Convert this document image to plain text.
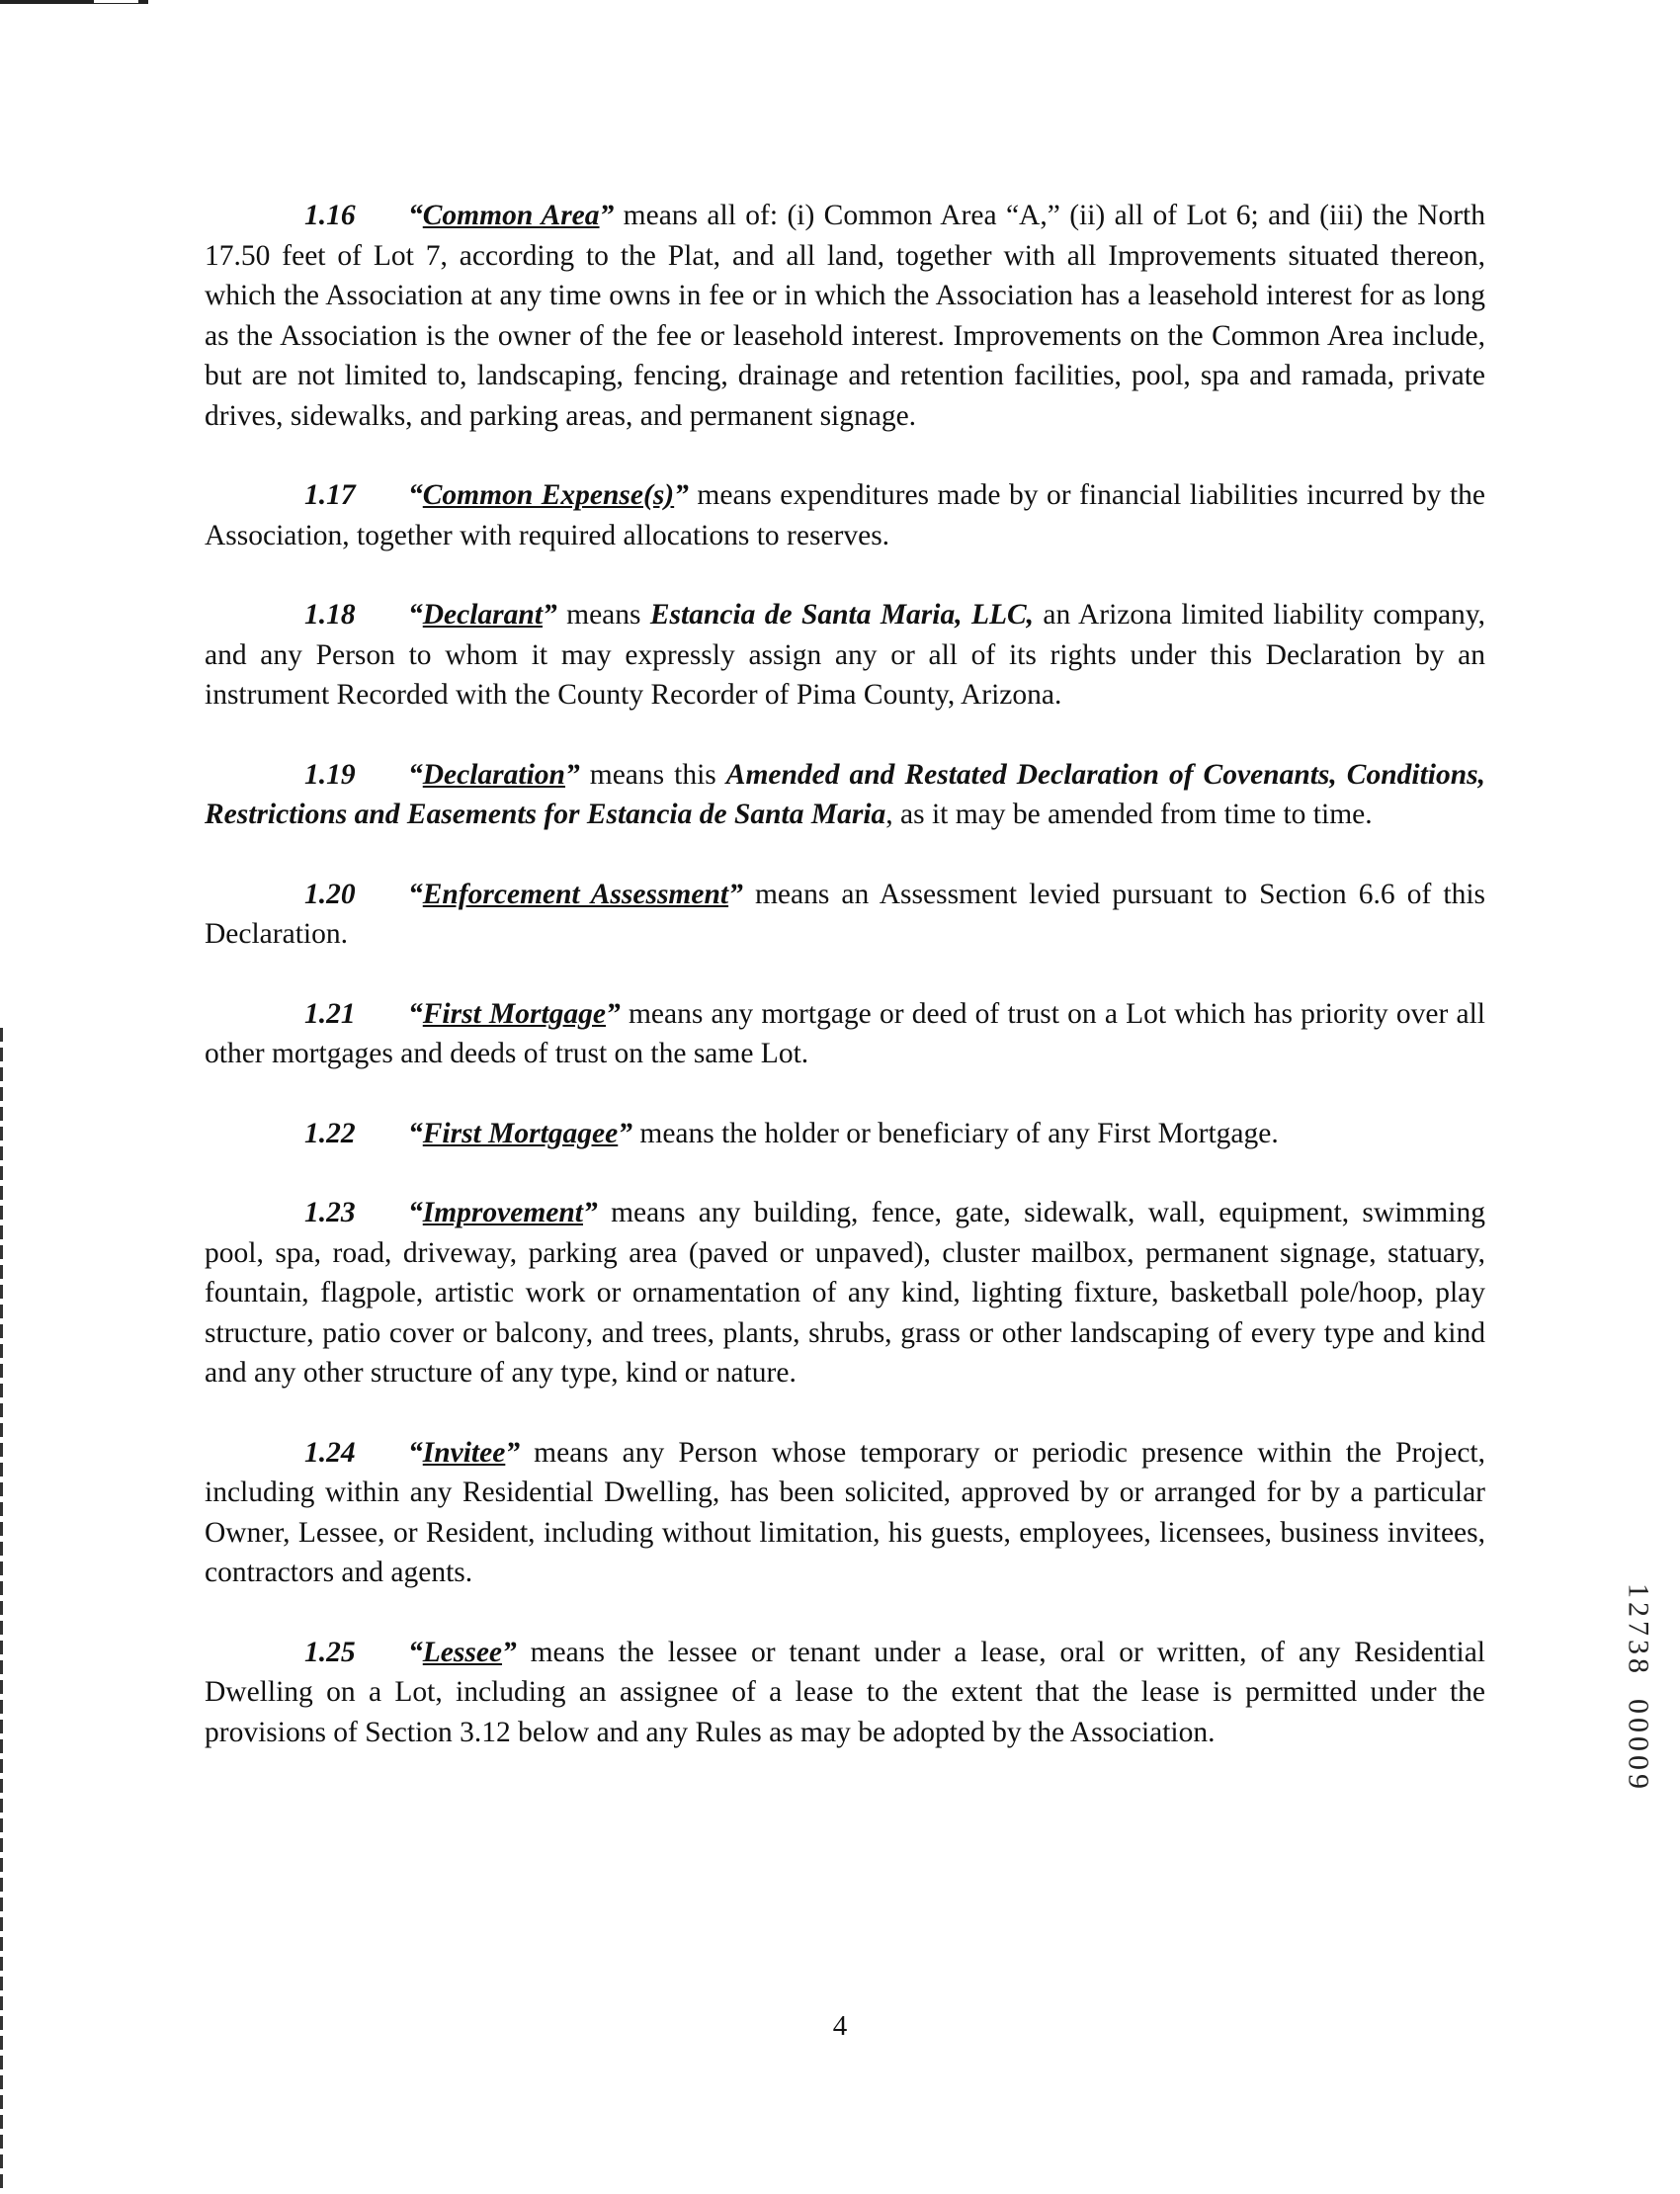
1.16 “Common Area” means all of: (i) Common Area “A,” (ii) all of Lot 6; and (iii) the North 17.50 feet of Lot 7, according to the Plat, and all land, together with all Improvements situated thereon, which the Association at any time owns in fee or in which the Association has a leasehold interest for as long as the Association is the owner of the fee or leasehold interest. Improvements on the Common Area include, but are not limited to, landscaping, fencing, drainage and retention facilities, pool, spa and ramada, private drives, sidewalks, and parking areas, and permanent signage.

1.17 “Common Expense(s)” means expenditures made by or financial liabilities incurred by the Association, together with required allocations to reserves.

1.18 “Declarant” means Estancia de Santa Maria, LLC, an Arizona limited liability company, and any Person to whom it may expressly assign any or all of its rights under this Declaration by an instrument Recorded with the County Recorder of Pima County, Arizona.

1.19 “Declaration” means this Amended and Restated Declaration of Covenants, Conditions, Restrictions and Easements for Estancia de Santa Maria, as it may be amended from time to time.

1.20 “Enforcement Assessment” means an Assessment levied pursuant to Section 6.6 of this Declaration.

1.21 “First Mortgage” means any mortgage or deed of trust on a Lot which has priority over all other mortgages and deeds of trust on the same Lot.

1.22 “First Mortgagee” means the holder or beneficiary of any First Mortgage.

1.23 “Improvement” means any building, fence, gate, sidewalk, wall, equipment, swimming pool, spa, road, driveway, parking area (paved or unpaved), cluster mailbox, permanent signage, statuary, fountain, flagpole, artistic work or ornamentation of any kind, lighting fixture, basketball pole/hoop, play structure, patio cover or balcony, and trees, plants, shrubs, grass or other landscaping of every type and kind and any other structure of any type, kind or nature.

1.24 “Invitee” means any Person whose temporary or periodic presence within the Project, including within any Residential Dwelling, has been solicited, approved by or arranged for by a particular Owner, Lessee, or Resident, including without limitation, his guests, employees, licensees, business invitees, contractors and agents.

1.25 “Lessee” means the lessee or tenant under a lease, oral or written, of any Residential Dwelling on a Lot, including an assignee of a lease to the extent that the lease is permitted under the provisions of Section 3.12 below and any Rules as may be adopted by the Association.

1
2
7
3
8
0
0
0
0
9
4
